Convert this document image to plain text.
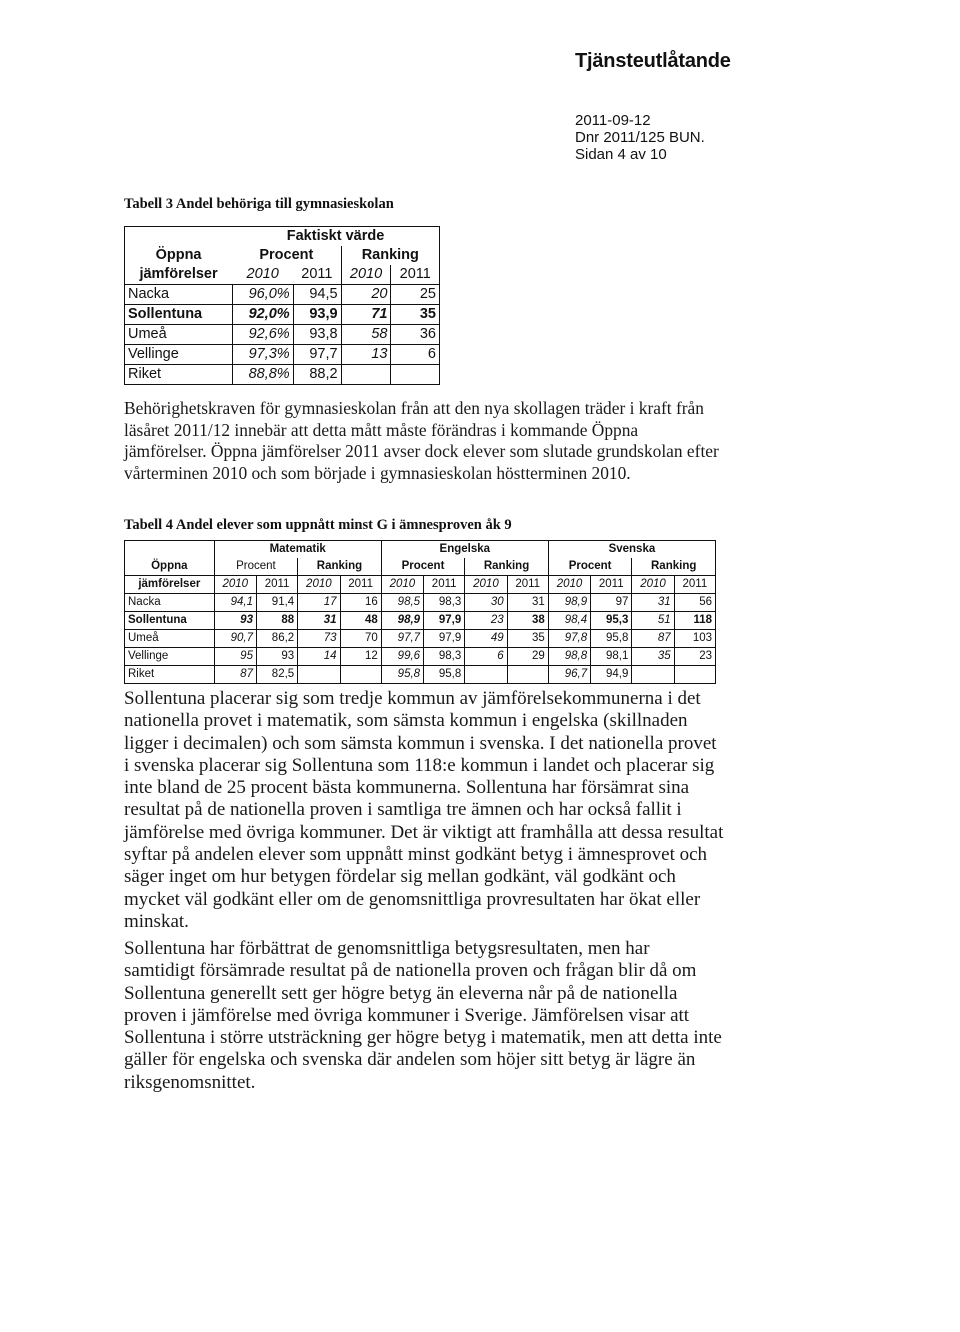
Tjänsteutlåtande
2011-09-12
Dnr 2011/125 BUN.
Sidan 4 av 10
Tabell 3 Andel behöriga till gymnasieskolan
	Faktiskt värde			
Öppna	Procent		Ranking	
jämförelser	2010	2011	2010	2011
Nacka	96,0%	94,5	20	25
Sollentuna	92,0%	93,9	71	35
Umeå	92,6%	93,8	58	36
Vellinge	97,3%	97,7	13	6
Riket	88,8%	88,2		

Behörighetskraven för gymnasieskolan från att den nya skollagen träder i kraft från läsåret 2011/12 innebär att detta mått måste förändras i kommande Öppna jämförelser. Öppna jämförelser 2011 avser dock elever som slutade grundskolan efter vårterminen 2010 och som började i gymnasieskolan höstterminen 2010.

Tabell 4 Andel elever som uppnått minst G i ämnesproven åk 9
	Matematik				Engelska				Svenska			
Öppna	Procent		Ranking		Procent		Ranking		Procent		Ranking	
jämförelser	2010	2011	2010	2011	2010	2011	2010	2011	2010	2011	2010	2011
Nacka	94,1	91,4	17	16	98,5	98,3	30	31	98,9	97	31	56
Sollentuna	93	88	31	48	98,9	97,9	23	38	98,4	95,3	51	118
Umeå	90,7	86,2	73	70	97,7	97,9	49	35	97,8	95,8	87	103
Vellinge	95	93	14	12	99,6	98,3	6	29	98,8	98,1	35	23
Riket	87	82,5			95,8	95,8			96,7	94,9		

Sollentuna placerar sig som tredje kommun av jämförelsekommunerna i det nationella provet i matematik, som sämsta kommun i engelska (skillnaden ligger i decimalen) och som sämsta kommun i svenska. I det nationella provet i svenska placerar sig Sollentuna som 118:e kommun i landet och placerar sig inte bland de 25 procent bästa kommunerna. Sollentuna har försämrat sina resultat på de nationella proven i samtliga tre ämnen och har också fallit i jämförelse med övriga kommuner. Det är viktigt att framhålla att dessa resultat syftar på andelen elever som uppnått minst godkänt betyg i ämnesprovet och säger inget om hur betygen fördelar sig mellan godkänt, väl godkänt och mycket väl godkänt eller om de genomsnittliga provresultaten har ökat eller minskat.

Sollentuna har förbättrat de genomsnittliga betygsresultaten, men har samtidigt försämrade resultat på de nationella proven och frågan blir då om Sollentuna generellt sett ger högre betyg än eleverna når på de nationella proven i jämförelse med övriga kommuner i Sverige. Jämförelsen visar att Sollentuna i större utsträckning ger högre betyg i matematik, men att detta inte gäller för engelska och svenska där andelen som höjer sitt betyg är lägre än riksgenomsnittet.
